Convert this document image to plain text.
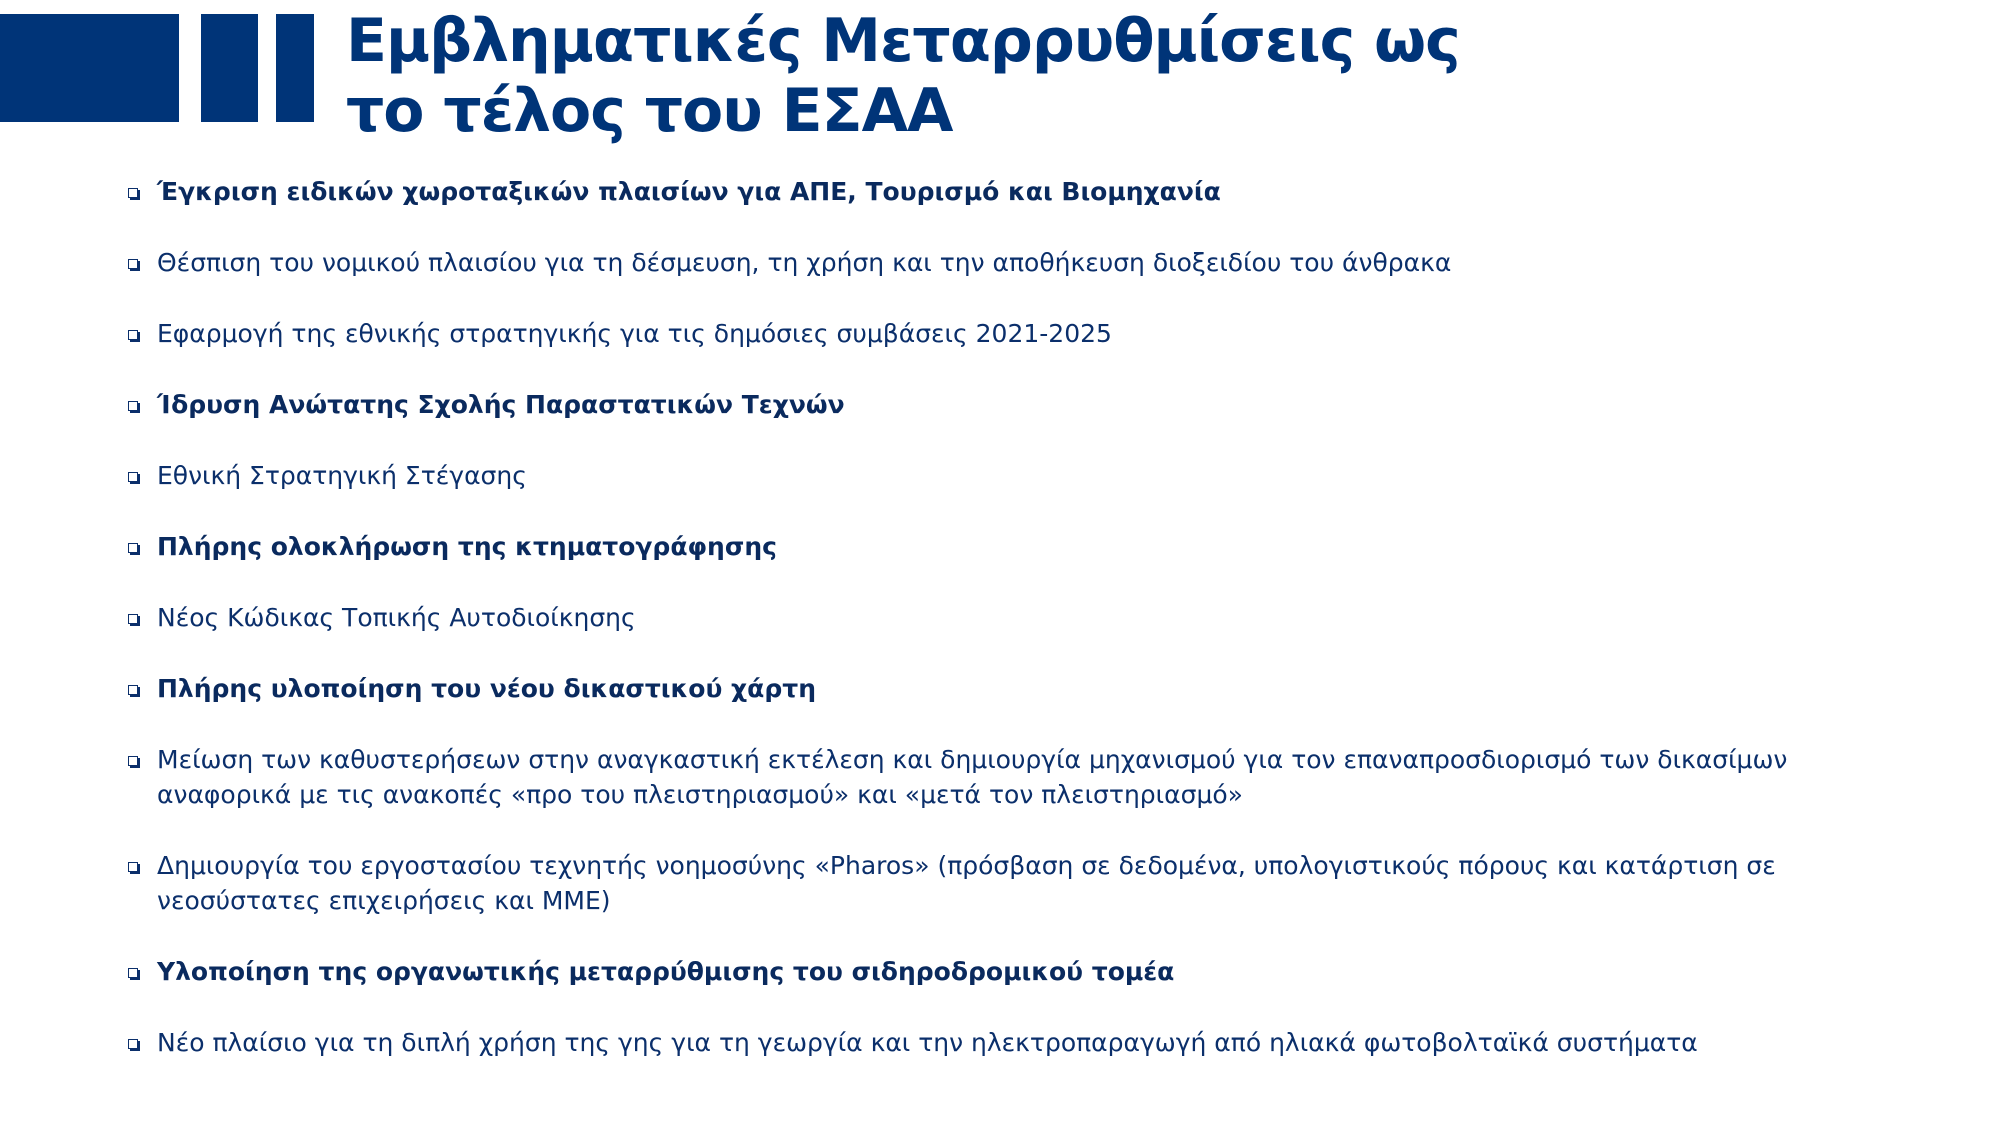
Εμβληματικές Μεταρρυθμίσεις ως το τέλος του ΕΣΑΑ
Έγκριση ειδικών χωροταξικών πλαισίων για ΑΠΕ, Τουρισμό και Βιομηχανία
Θέσπιση του νομικού πλαισίου για τη δέσμευση, τη χρήση και την αποθήκευση διοξειδίου του άνθρακα
Εφαρμογή της εθνικής στρατηγικής για τις δημόσιες συμβάσεις 2021-2025
Ίδρυση Ανώτατης Σχολής Παραστατικών Τεχνών
Εθνική Στρατηγική Στέγασης
Πλήρης ολοκλήρωση της κτηματογράφησης
Νέος Κώδικας Τοπικής Αυτοδιοίκησης
Πλήρης υλοποίηση του νέου δικαστικού χάρτη
Μείωση των καθυστερήσεων στην αναγκαστική εκτέλεση και δημιουργία μηχανισμού για τον επαναπροσδιορισμό των δικασίμων αναφορικά με τις ανακοπές «προ του πλειστηριασμού» και «μετά τον πλειστηριασμό»
Δημιουργία του εργοστασίου τεχνητής νοημοσύνης «Pharos» (πρόσβαση σε δεδομένα, υπολογιστικούς πόρους και κατάρτιση σε νεοσύστατες επιχειρήσεις και ΜΜΕ)
Υλοποίηση της οργανωτικής μεταρρύθμισης του σιδηροδρομικού τομέα
Νέο πλαίσιο για τη διπλή χρήση της γης για τη γεωργία και την ηλεκτροπαραγωγή από ηλιακά φωτοβολταϊκά συστήματα
